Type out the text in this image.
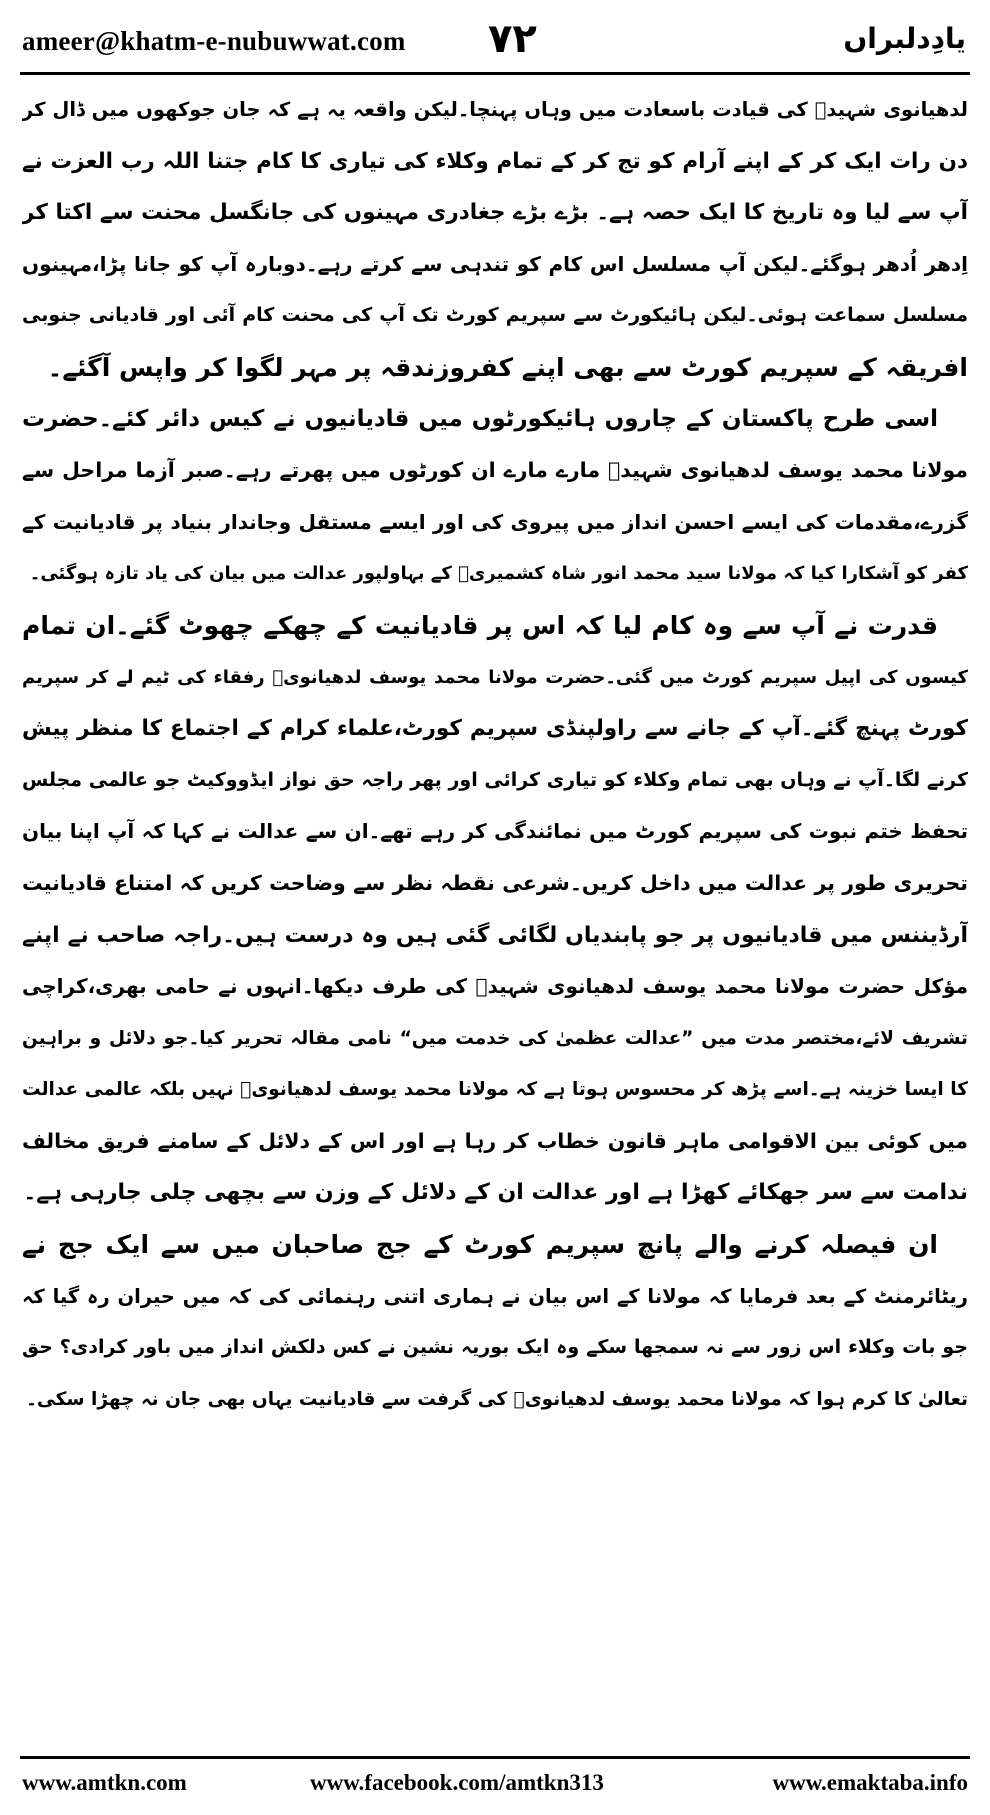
ameer@khatm-e-nubuwwat.com ۷۲	یادِدلبراں
لدھیانوی شہیدؒ کی قیادت باسعادت میں وہاں پہنچا۔لیکن واقعہ یہ ہے کہ جان جوکھوں میں ڈال کر
دن رات ایک کر کے اپنے آرام کو تج کر کے تمام وکلاء کی تیاری کا کام جتنا اللہ رب العزت نے
آپ سے لیا وہ تاریخ کا ایک حصہ ہے۔ بڑے بڑے جغادری مہینوں کی جانگسل محنت سے اکتا کر
اِدھر اُدھر ہوگئے۔لیکن آپ مسلسل اس کام کو تندہی سے کرتے رہے۔دوبارہ آپ کو جانا پڑا،مہینوں
مسلسل سماعت ہوئی۔لیکن ہائیکورٹ سے سپریم کورٹ تک آپ کی محنت کام آئی اور قادیانی جنوبی
افریقہ کے سپریم کورٹ سے بھی اپنے کفروزندقہ پر مہر لگوا کر واپس آگئے۔
اسی طرح پاکستان کے چاروں ہائیکورٹوں میں قادیانیوں نے کیس دائر کئے۔حضرت
مولانا محمد یوسف لدھیانوی شہیدؒ مارے مارے ان کورٹوں میں پھرتے رہے۔صبر آزما مراحل سے
گزرے،مقدمات کی ایسے احسن انداز میں پیروی کی اور ایسے مستقل وجاندار بنیاد پر قادیانیت کے
کفر کو آشکارا کیا کہ مولانا سید محمد انور شاہ کشمیریؒ کے بہاولپور عدالت میں بیان کی یاد تازہ ہوگئی۔
قدرت نے آپ سے وہ کام لیا کہ اس پر قادیانیت کے چھکے چھوٹ گئے۔ان تمام
کیسوں کی اپیل سپریم کورٹ میں گئی۔حضرت مولانا محمد یوسف لدھیانویؒ رفقاء کی ٹیم لے کر سپریم
کورٹ پہنچ گئے۔آپ کے جانے سے راولپنڈی سپریم کورٹ،علماء کرام کے اجتماع کا منظر پیش
کرنے لگا۔آپ نے وہاں بھی تمام وکلاء کو تیاری کرائی اور پھر راجہ حق نواز ایڈووکیٹ جو عالمی مجلس
تحفظ ختم نبوت کی سپریم کورٹ میں نمائندگی کر رہے تھے۔ان سے عدالت نے کہا کہ آپ اپنا بیان
تحریری طور پر عدالت میں داخل کریں۔شرعی نقطہ نظر سے وضاحت کریں کہ امتناع قادیانیت
آرڈیننس میں قادیانیوں پر جو پابندیاں لگائی گئی ہیں وہ درست ہیں۔راجہ صاحب نے اپنے
مؤکل حضرت مولانا محمد یوسف لدھیانوی شہیدؒ کی طرف دیکھا۔انہوں نے حامی بھری،کراچی
تشریف لائے،مختصر مدت میں ”عدالت عظمیٰ کی خدمت میں“ نامی مقالہ تحریر کیا۔جو دلائل و براہین
کا ایسا خزینہ ہے۔اسے پڑھ کر محسوس ہوتا ہے کہ مولانا محمد یوسف لدھیانویؒ نہیں بلکہ عالمی عدالت
میں کوئی بین الاقوامی ماہر قانون خطاب کر رہا ہے اور اس کے دلائل کے سامنے فریق مخالف
ندامت سے سر جھکائے کھڑا ہے اور عدالت ان کے دلائل کے وزن سے بچھی چلی جارہی ہے۔
ان فیصلہ کرنے والے پانچ سپریم کورٹ کے جج صاحبان میں سے ایک جج نے
ریٹائرمنٹ کے بعد فرمایا کہ مولانا کے اس بیان نے ہماری اتنی رہنمائی کی کہ میں حیران رہ گیا کہ
جو بات وکلاء اس زور سے نہ سمجھا سکے وہ ایک بوریہ نشین نے کس دلکش انداز میں باور کرادی؟ حق
تعالیٰ کا کرم ہوا کہ مولانا محمد یوسف لدھیانویؒ کی گرفت سے قادیانیت یہاں بھی جان نہ چھڑا سکی۔
www.amtkn.com	www.facebook.com/amtkn313	www.emaktaba.info
